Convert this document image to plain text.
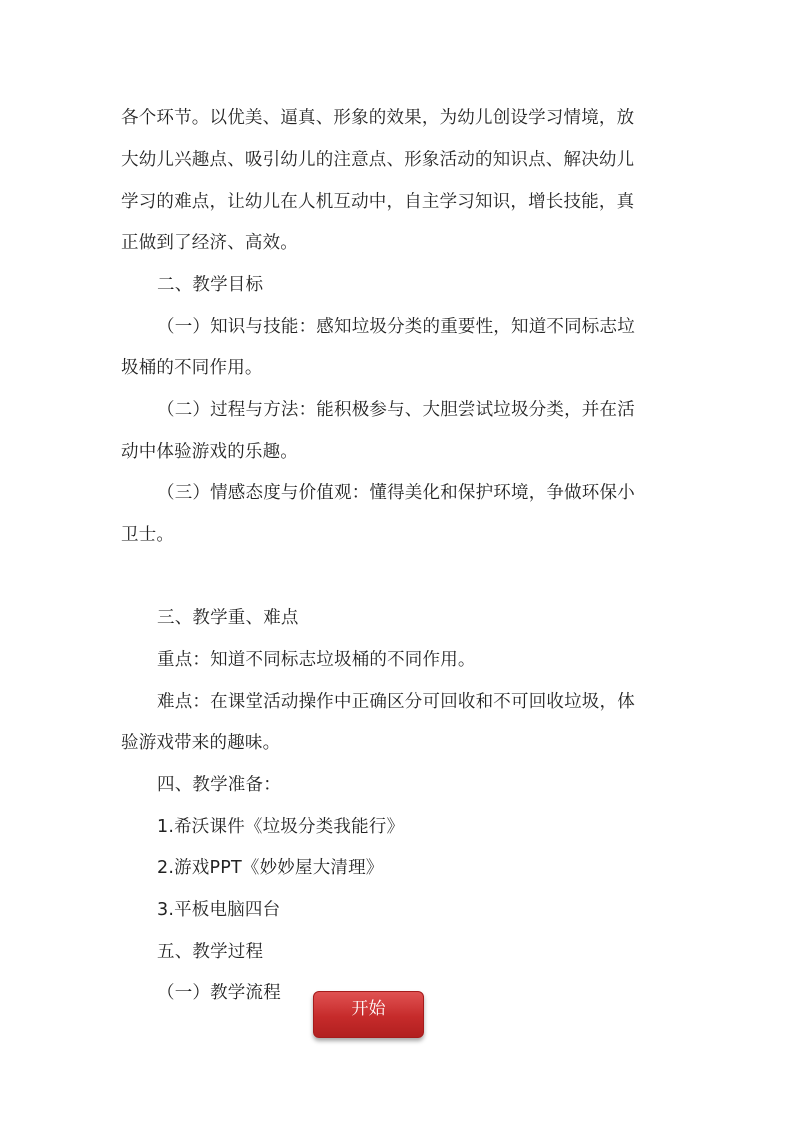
各个环节。以优美、逼真、形象的效果，为幼儿创设学习情境，放
大幼儿兴趣点、吸引幼儿的注意点、形象活动的知识点、解决幼儿
学习的难点，让幼儿在人机互动中，自主学习知识，增长技能，真
正做到了经济、高效。
二、教学目标
（一）知识与技能：感知垃圾分类的重要性，知道不同标志垃
圾桶的不同作用。
（二）过程与方法：能积极参与、大胆尝试垃圾分类，并在活
动中体验游戏的乐趣。
（三）情感态度与价值观：懂得美化和保护环境，争做环保小
卫士。
三、教学重、难点
重点：知道不同标志垃圾桶的不同作用。
难点：在课堂活动操作中正确区分可回收和不可回收垃圾，体
验游戏带来的趣味。
四、教学准备：
1.希沃课件《垃圾分类我能行》
2.游戏PPT《妙妙屋大清理》
3.平板电脑四台
五、教学过程
（一）教学流程
开始
